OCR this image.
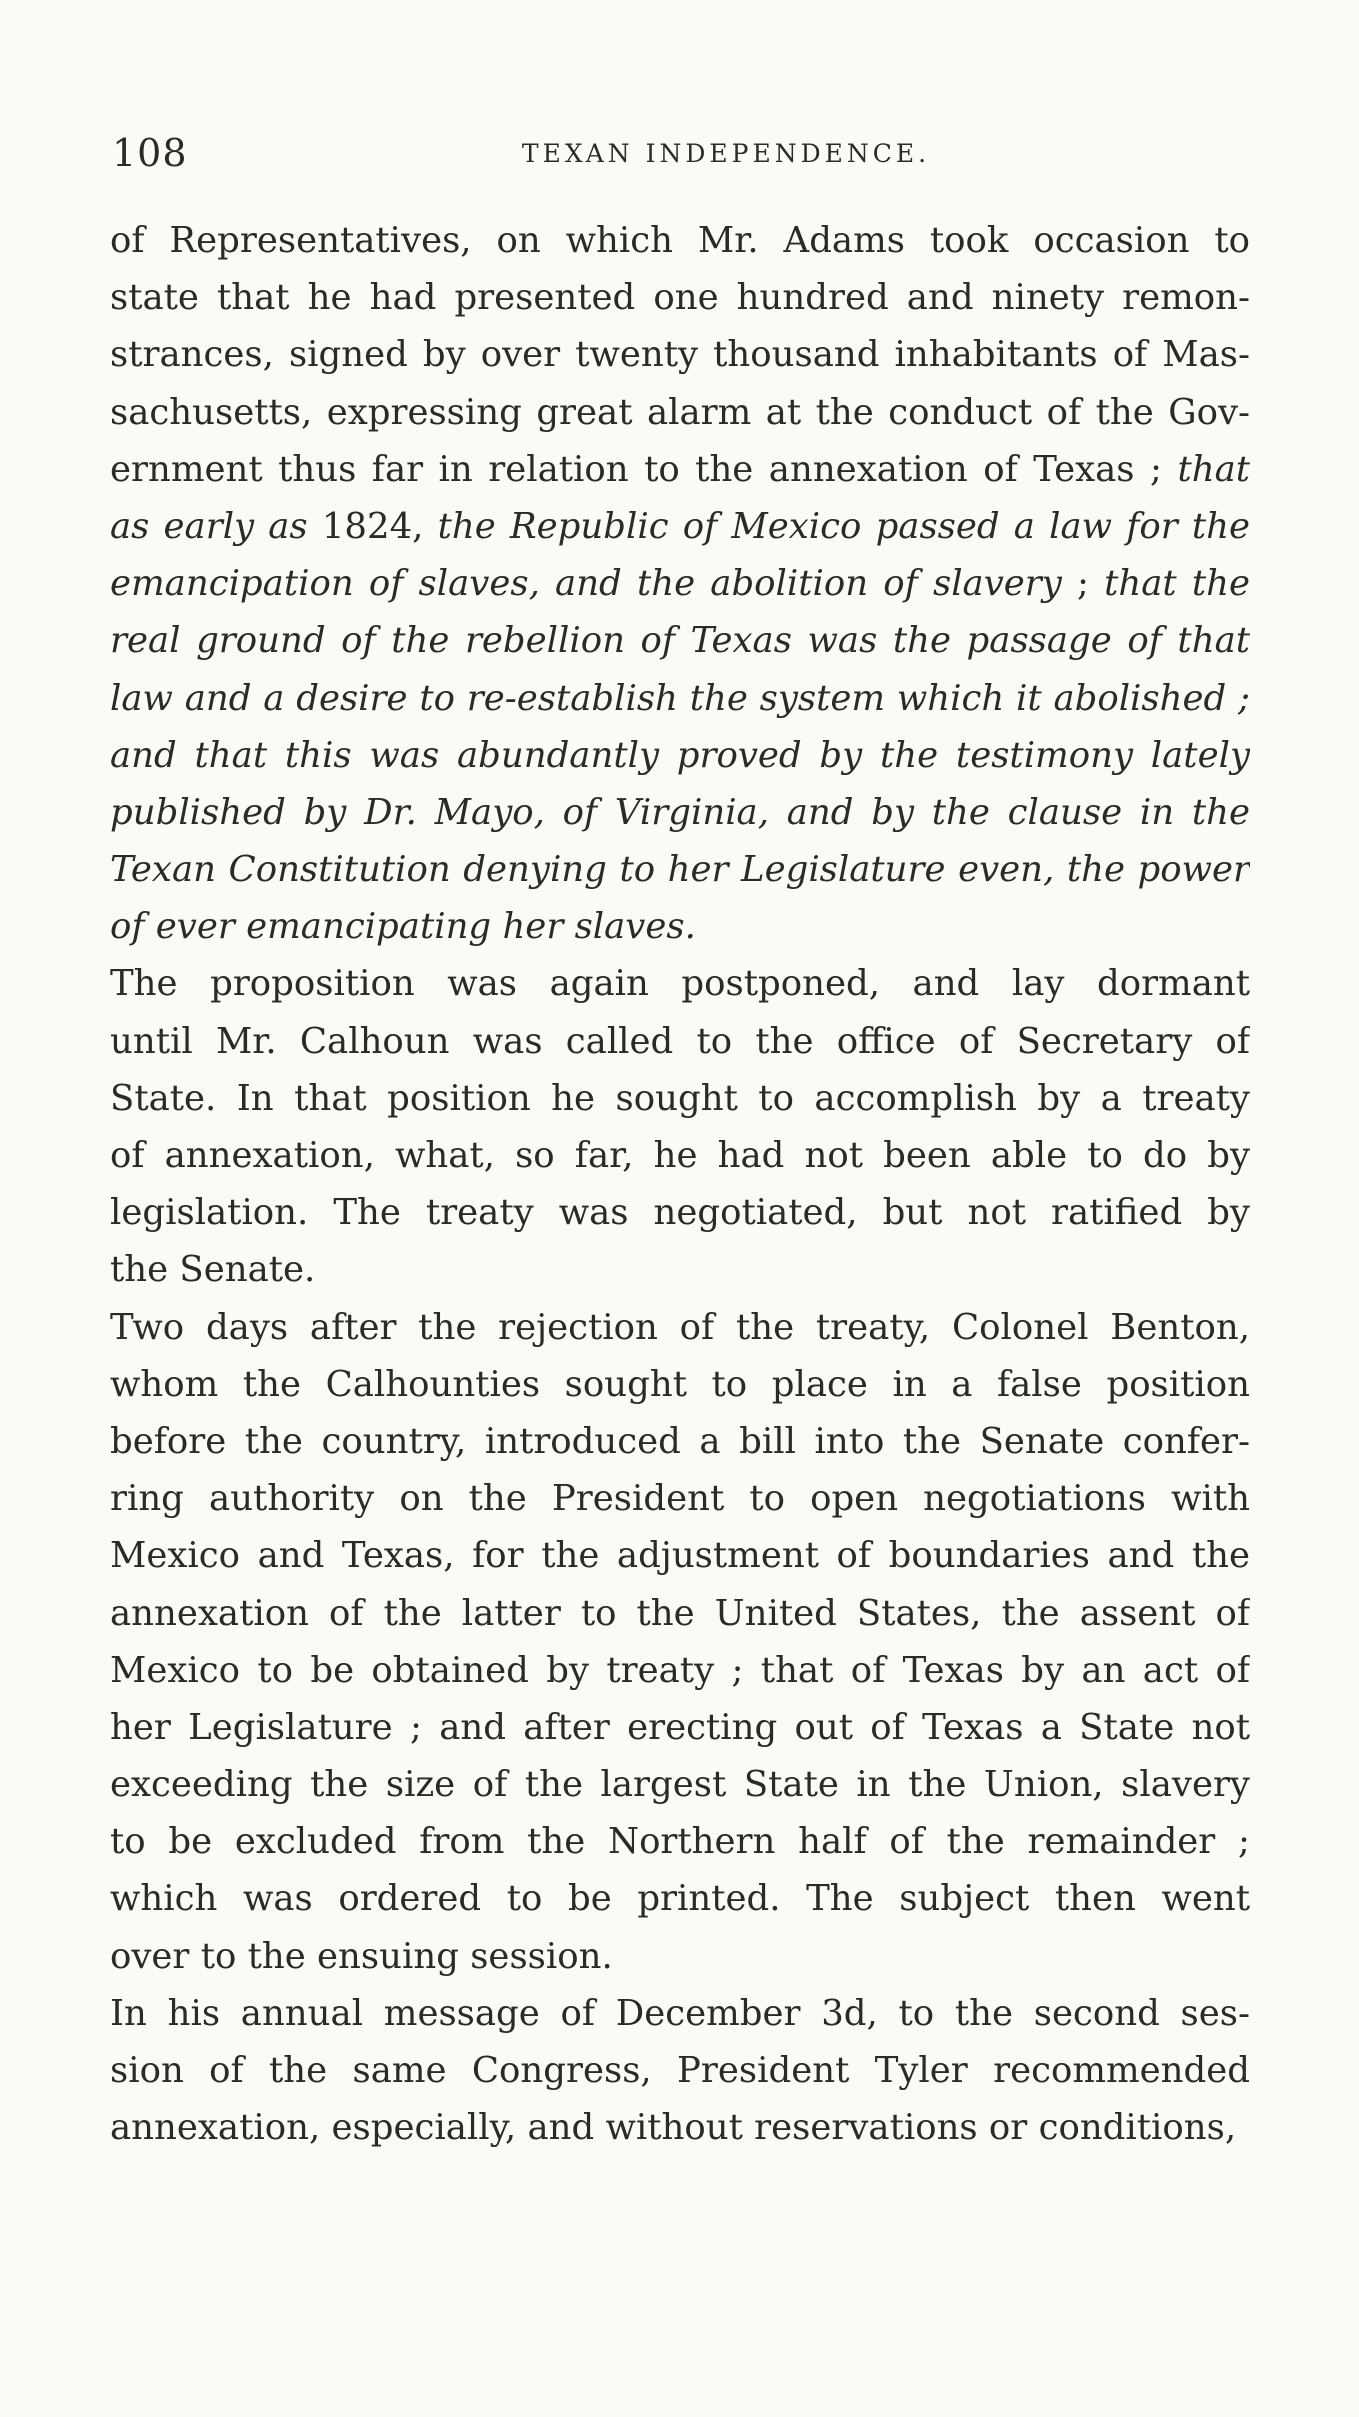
108	TEXAN INDEPENDENCE.
of Representatives, on which Mr. Adams took occasion to
state that he had presented one hundred and ninety remon-
strances, signed by over twenty thousand inhabitants of Mas-
sachusetts, expressing great alarm at the conduct of the Gov-
ernment thus far in relation to the annexation of Texas ; that
as early as 1824, the Republic of Mexico passed a law for the
emancipation of slaves, and the abolition of slavery ; that the
real ground of the rebellion of Texas was the passage of that
law and a desire to re-establish the system which it abolished ;
and that this was abundantly proved by the testimony lately
published by Dr. Mayo, of Virginia, and by the clause in the
Texan Constitution denying to her Legislature even, the power
of ever emancipating her slaves.
The proposition was again postponed, and lay dormant
until Mr. Calhoun was called to the office of Secretary of
State. In that position he sought to accomplish by a treaty
of annexation, what, so far, he had not been able to do by
legislation. The treaty was negotiated, but not ratified by
the Senate.
Two days after the rejection of the treaty, Colonel Benton,
whom the Calhounties sought to place in a false position
before the country, introduced a bill into the Senate confer-
ring authority on the President to open negotiations with
Mexico and Texas, for the adjustment of boundaries and the
annexation of the latter to the United States, the assent of
Mexico to be obtained by treaty ; that of Texas by an act of
her Legislature ; and after erecting out of Texas a State not
exceeding the size of the largest State in the Union, slavery
to be excluded from the Northern half of the remainder ;
which was ordered to be printed. The subject then went
over to the ensuing session.
In his annual message of December 3d, to the second ses-
sion of the same Congress, President Tyler recommended
annexation, especially, and without reservations or conditions,
